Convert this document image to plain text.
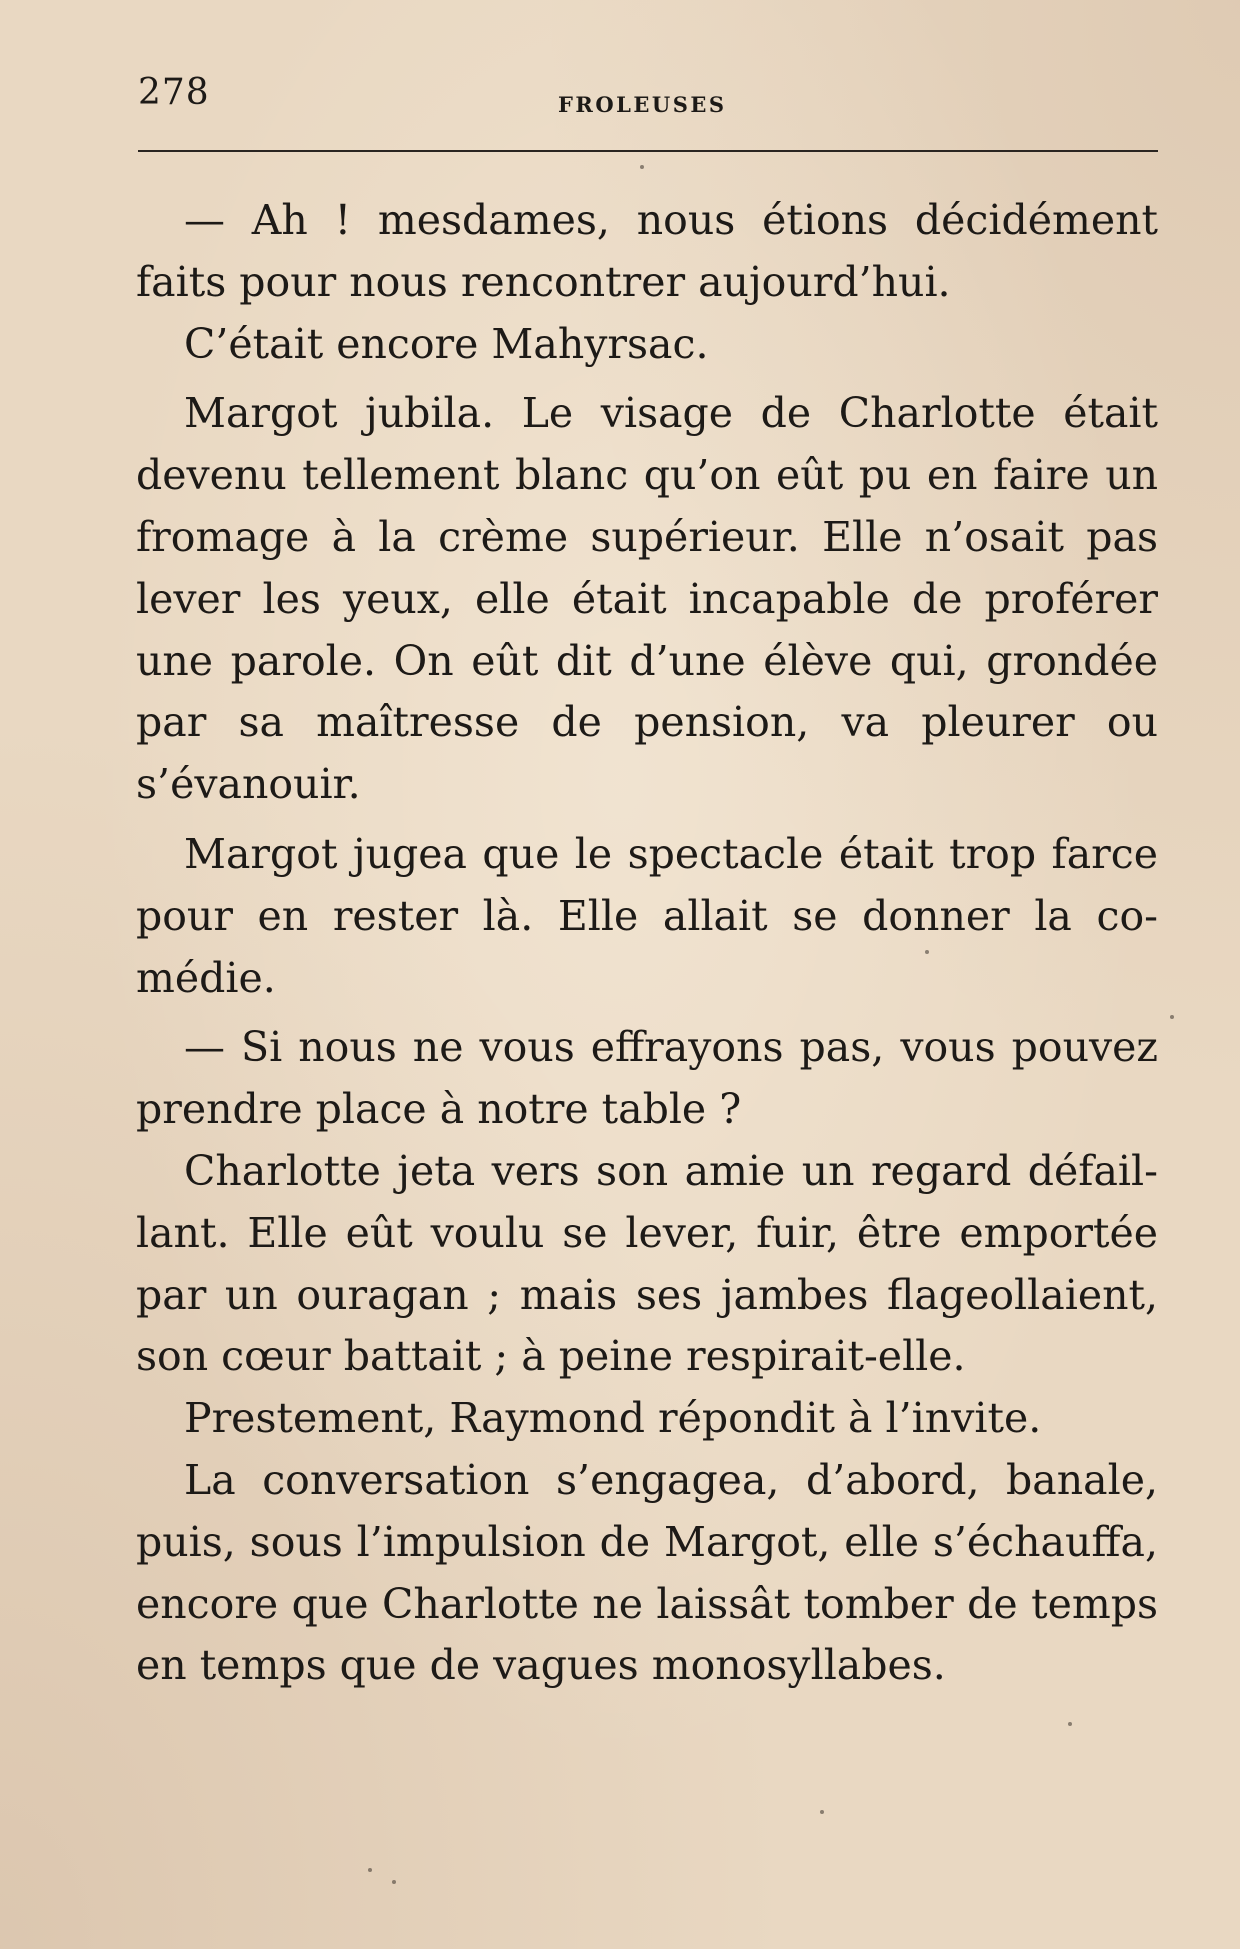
278	FROLEUSES

— Ah ! mesdames, nous étions décidément faits pour nous rencontrer aujourd’hui.

C’était encore Mahyrsac.

Margot jubila. Le visage de Charlotte était devenu tellement blanc qu’on eût pu en faire un fromage à la crème supérieur. Elle n’osait pas lever les yeux, elle était incapable de proférer une parole. On eût dit d’une élève qui, grondée par sa maîtresse de pension, va pleurer ou s’évanouir.

Margot jugea que le spectacle était trop farce pour en rester là. Elle allait se donner la comédie.

— Si nous ne vous effrayons pas, vous pouvez prendre place à notre table ?

Charlotte jeta vers son amie un regard défaillant. Elle eût voulu se lever, fuir, être emportée par un ouragan ; mais ses jambes flageollaient, son cœur battait ; à peine respirait-elle.

Prestement, Raymond répondit à l’invite.

La conversation s’engagea, d’abord, banale, puis, sous l’impulsion de Margot, elle s’échauffa, encore que Charlotte ne laissât tomber de temps en temps que de vagues monosyllabes.
